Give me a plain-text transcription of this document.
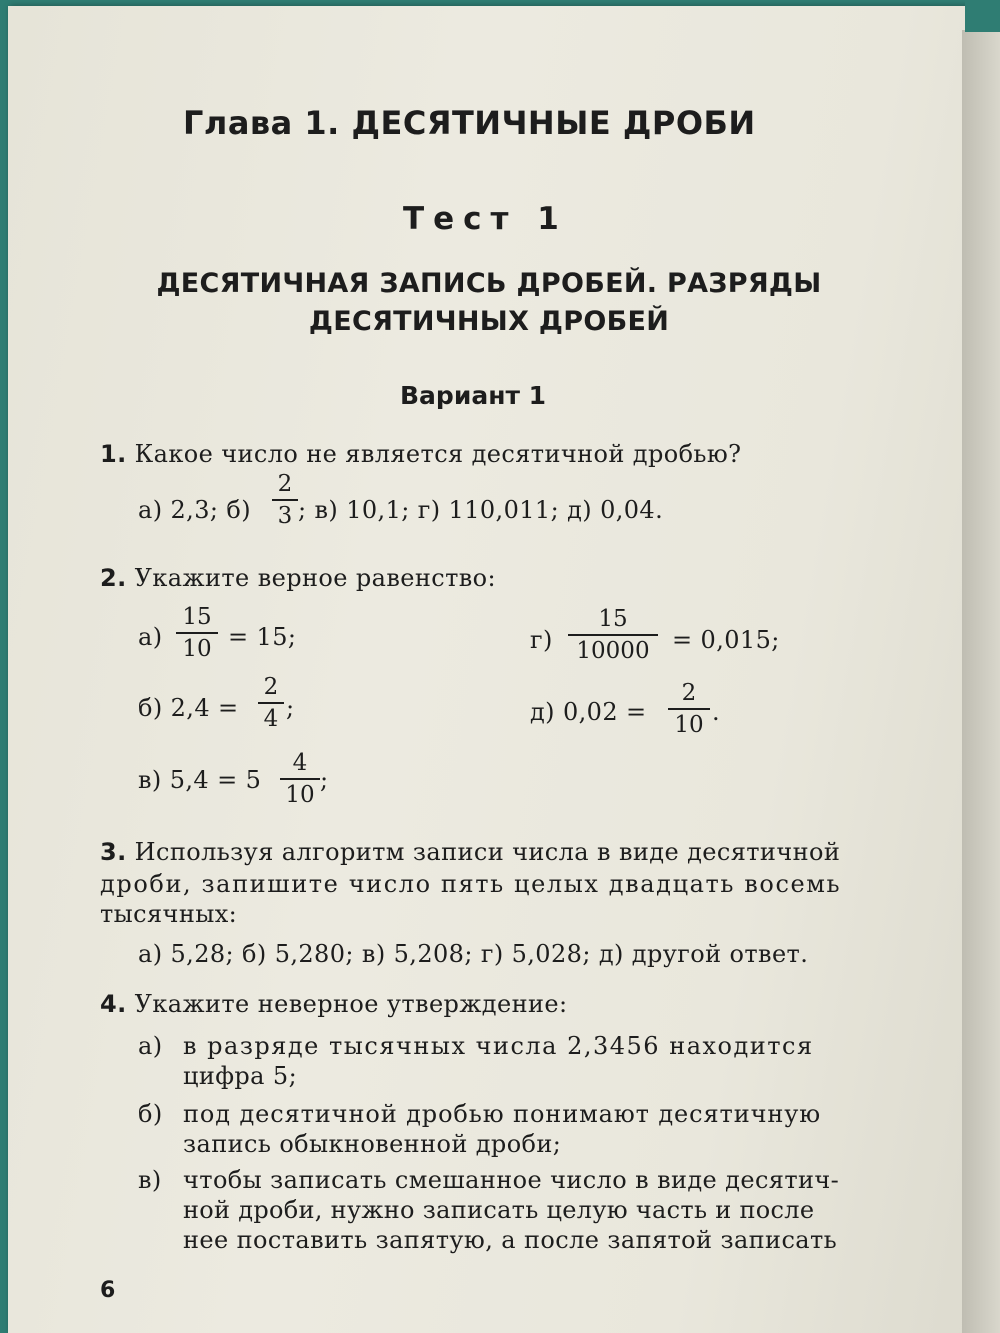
Глава 1. ДЕСЯТИЧНЫЕ ДРОБИ
Тест 1
ДЕСЯТИЧНАЯ ЗАПИСЬ ДРОБЕЙ. РАЗРЯДЫ
ДЕСЯТИЧНЫХ ДРОБЕЙ
Вариант 1
1. Какое число не является десятичной дробью?
а) 2,3; б)
2
3 ; в) 10,1; г) 110,011; д) 0,04.
2. Укажите верное равенство:
а)
15
10 = 15;
б) 2,4 =
2
4 ;
в) 5,4 = 5
4
10
;
г)
15
10000 = 0,015;
д) 0,02 =
2
10 .
3. Используя алгоритм записи числа в виде десятичной
дроби, запишите число пять целых двадцать восемь
тысячных:
а) 5,28; б) 5,280; в) 5,208; г) 5,028; д) другой ответ.
4. Укажите неверное утверждение:
а) в разряде тысячных числа 2,3456 находится
цифра 5;
б) под десятичной дробью понимают десятичную
запись обыкновенной дроби;
в) чтобы записать смешанное число в виде десятич-
ной дроби, нужно записать целую часть и после
нее поставить запятую, а после запятой записать
6
